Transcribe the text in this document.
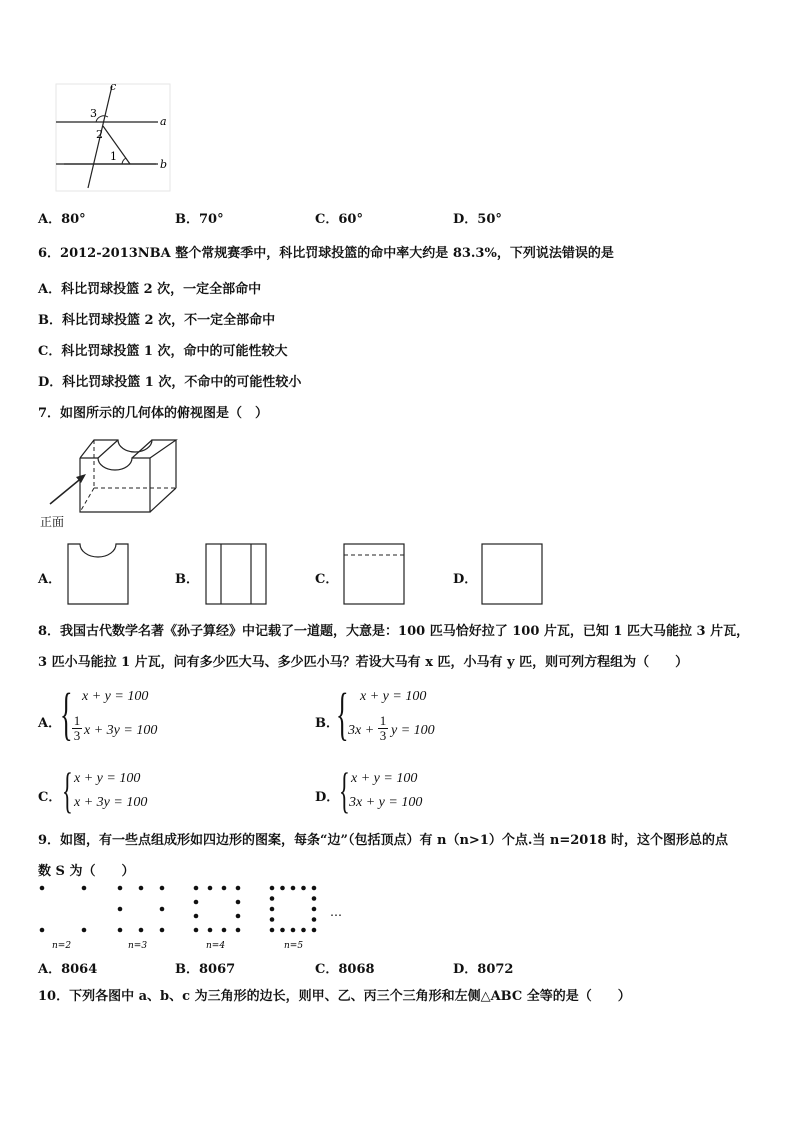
c
a
b
3
2
1
A．80°	B．70°	C．60°	D．50°
6．2012-2013NBA 整个常规赛季中，科比罚球投篮的命中率大约是 83.3%，下列说法错误的是
A．科比罚球投篮 2 次，一定全部命中
B．科比罚球投篮 2 次，不一定全部命中
C．科比罚球投篮 1 次，命中的可能性较大
D．科比罚球投篮 1 次，不命中的可能性较小
7．如图所示的几何体的俯视图是（　）
正面
A．	B．	C．	D．
8．我国古代数学名著《孙子算经》中记载了一道题，大意是：100 匹马恰好拉了 100 片瓦，已知 1 匹大马能拉 3 片瓦，
3 匹小马能拉 1 片瓦，问有多少匹大马、多少匹小马？若设大马有 x 匹，小马有 y 匹，则可列方程组为（　　）
A．
{ x + y = 100
1
3 x + 3y = 100	B．
{ x + y = 100
3x +
1
3 y = 100
C． { x + y = 100
x + 3y = 100	D． { x + y = 100
3x + y = 100
9．如图，有一些点组成形如四边形的图案，每条“边”（包括顶点）有 n（n>1）个点.当 n=2018 时，这个图形总的点
数 S 为（　　）
…
n=2	n=3	n=4	n=5
A．8064	B．8067	C．8068	D．8072
10．下列各图中 a、b、c 为三角形的边长，则甲、乙、丙三个三角形和左侧△ABC 全等的是（　　）
